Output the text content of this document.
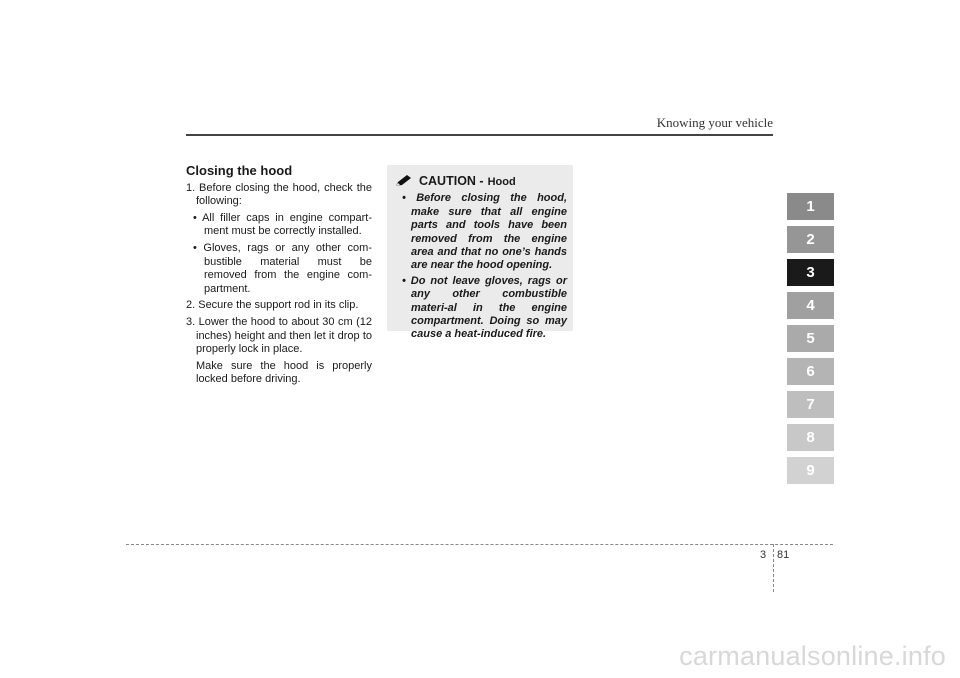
Knowing your vehicle
Closing the hood

1. Before closing the hood, check the following:

• All filler caps in engine compart-ment must be correctly installed.

• Gloves, rags or any other com-bustible material must be removed from the engine com-partment.

2. Secure the support rod in its clip.

3. Lower the hood to about 30 cm (12 inches) height and then let it drop to properly lock in place.

Make sure the hood is properly locked before driving.

CAUTION - Hood

• Before closing the hood, make sure that all engine parts and tools have been removed from the engine area and that no one’s hands are near the hood opening.

• Do not leave gloves, rags or any other combustible materi-al in the engine compartment. Doing so may cause a heat-induced fire.

1
2
3
4
5
6
7
8
9
3 81
carmanualsonline.info
